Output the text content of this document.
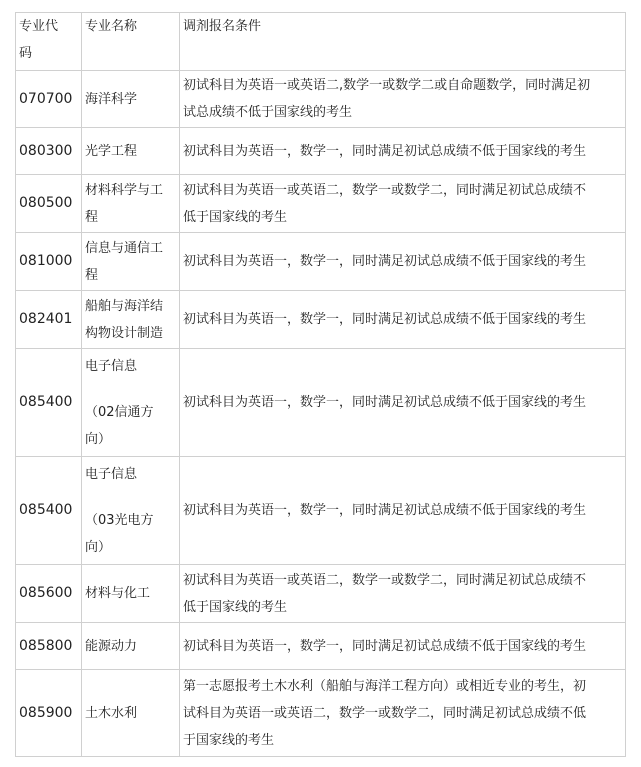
专业代
码	专业名称	调剂报名条件
070700	海洋科学	初试科目为英语一或英语二,数学一或数学二或自命题数学，同时满足初
试总成绩不低于国家线的考生

080300	光学工程	初试科目为英语一，数学一，同时满足初试总成绩不低于国家线的考生

080500	材料科学与工
程	初试科目为英语一或英语二，数学一或数学二，同时满足初试总成绩不
低于国家线的考生

081000	信息与通信工
程	初试科目为英语一，数学一，同时满足初试总成绩不低于国家线的考生

082401	船舶与海洋结
构物设计制造	初试科目为英语一，数学一，同时满足初试总成绩不低于国家线的考生

085400	电子信息
（02信通方
向）	初试科目为英语一，数学一，同时满足初试总成绩不低于国家线的考生

085400	电子信息
（03光电方
向）	初试科目为英语一，数学一，同时满足初试总成绩不低于国家线的考生

085600	材料与化工	初试科目为英语一或英语二，数学一或数学二，同时满足初试总成绩不
低于国家线的考生

085800	能源动力	初试科目为英语一，数学一，同时满足初试总成绩不低于国家线的考生

085900	土木水利	第一志愿报考土木水利（船舶与海洋工程方向）或相近专业的考生，初
试科目为英语一或英语二，数学一或数学二，同时满足初试总成绩不低
于国家线的考生
